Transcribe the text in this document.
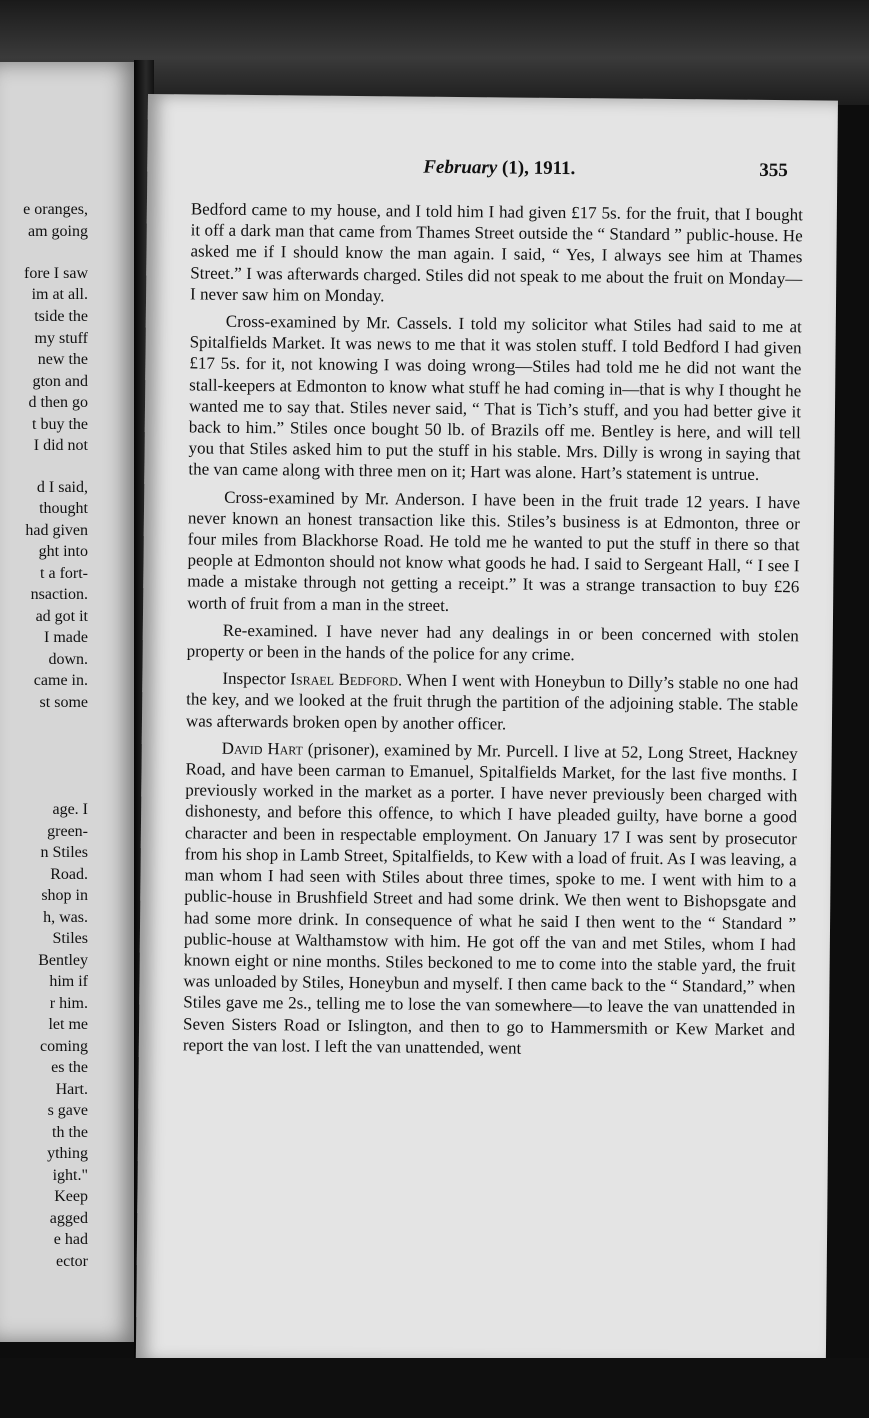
e oranges,
am going
fore I saw
im at all.
tside the
my stuff
new the
gton and
d then go
t buy the
I did not
d I said,
thought
had given
ght into
t a fort-
nsaction.
ad got it
I made
down.
came in.
st some
age. I
green-
n Stiles
Road.
shop in
h, was.
Stiles
Bentley
him if
r him.
let me
coming
es the
Hart.
s gave
th the
ything
ight."
Keep
agged
e had
ector
February (1), 1911.	355

Bedford came to my house, and I told him I had given £17 5s. for the fruit, that I bought it off a dark man that came from Thames Street outside the “ Standard ” public-house. He asked me if I should know the man again. I said, “ Yes, I always see him at Thames Street.” I was afterwards charged. Stiles did not speak to me about the fruit on Monday—I never saw him on Monday.

Cross-examined by Mr. Cassels. I told my solicitor what Stiles had said to me at Spitalfields Market. It was news to me that it was stolen stuff. I told Bedford I had given £17 5s. for it, not knowing I was doing wrong—Stiles had told me he did not want the stall-keepers at Edmonton to know what stuff he had coming in—that is why I thought he wanted me to say that. Stiles never said, “ That is Tich’s stuff, and you had better give it back to him.” Stiles once bought 50 lb. of Brazils off me. Bentley is here, and will tell you that Stiles asked him to put the stuff in his stable. Mrs. Dilly is wrong in saying that the van came along with three men on it; Hart was alone. Hart’s statement is untrue.

Cross-examined by Mr. Anderson. I have been in the fruit trade 12 years. I have never known an honest transaction like this. Stiles’s business is at Edmonton, three or four miles from Blackhorse Road. He told me he wanted to put the stuff in there so that people at Edmonton should not know what goods he had. I said to Sergeant Hall, “ I see I made a mistake through not getting a receipt.” It was a strange transaction to buy £26 worth of fruit from a man in the street.

Re-examined. I have never had any dealings in or been concerned with stolen property or been in the hands of the police for any crime.

Inspector Israel Bedford. When I went with Honeybun to Dilly’s stable no one had the key, and we looked at the fruit thrugh the partition of the adjoining stable. The stable was afterwards broken open by another officer.

David Hart (prisoner), examined by Mr. Purcell. I live at 52, Long Street, Hackney Road, and have been carman to Emanuel, Spitalfields Market, for the last five months. I previously worked in the market as a porter. I have never previously been charged with dishonesty, and before this offence, to which I have pleaded guilty, have borne a good character and been in respectable employment. On January 17 I was sent by prosecutor from his shop in Lamb Street, Spitalfields, to Kew with a load of fruit. As I was leaving, a man whom I had seen with Stiles about three times, spoke to me. I went with him to a public-house in Brushfield Street and had some drink. We then went to Bishopsgate and had some more drink. In consequence of what he said I then went to the “ Standard ” public-house at Walthamstow with him. He got off the van and met Stiles, whom I had known eight or nine months. Stiles beckoned to me to come into the stable yard, the fruit was unloaded by Stiles, Honeybun and myself. I then came back to the “ Standard,” when Stiles gave me 2s., telling me to lose the van somewhere—to leave the van unattended in Seven Sisters Road or Islington, and then to go to Hammersmith or Kew Market and report the van lost. I left the van unattended, went
